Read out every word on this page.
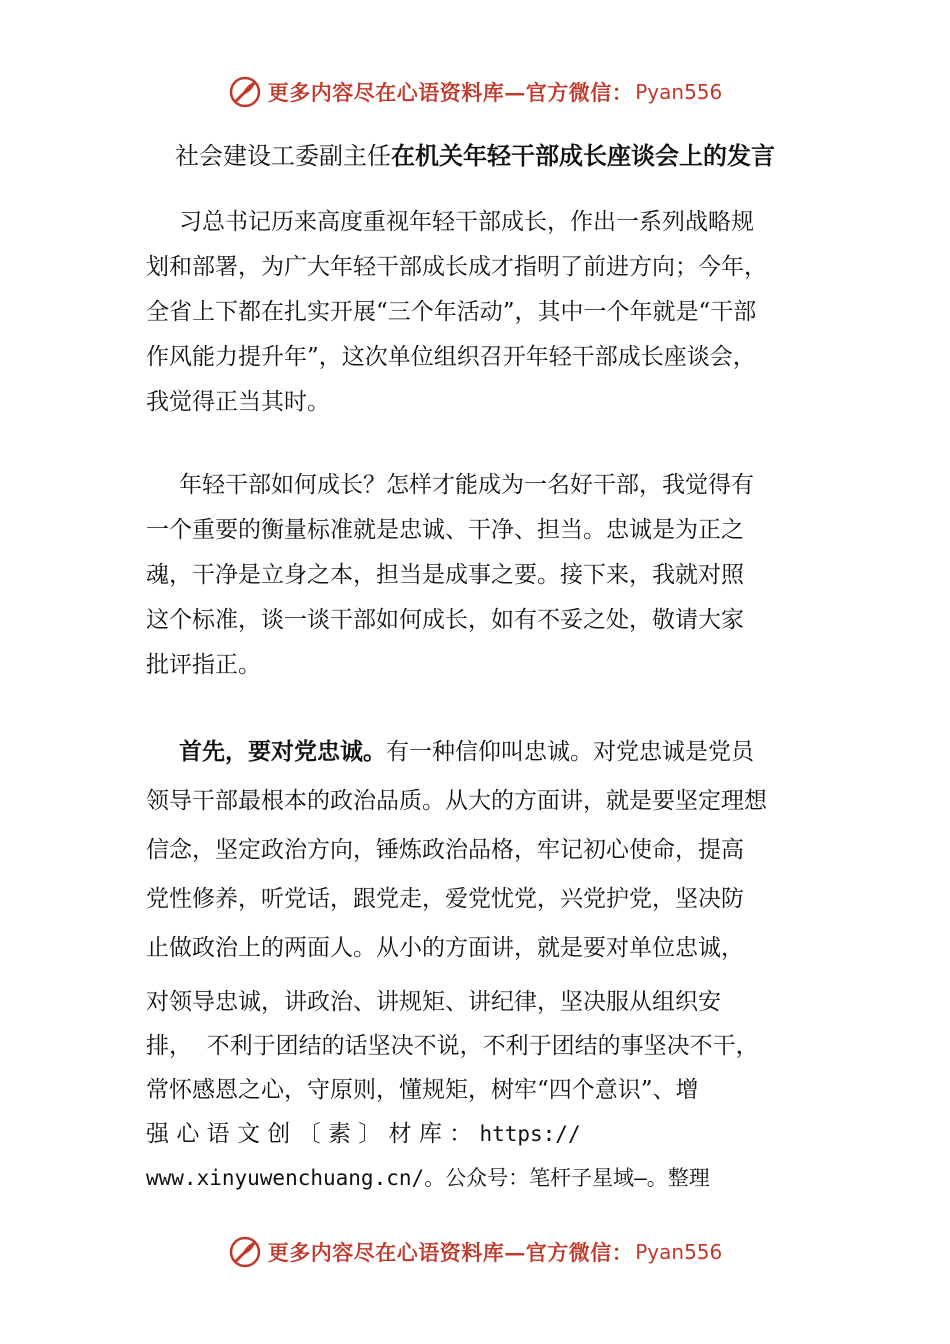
更多内容尽在心语资料库—官方微信： Pyan556
社会建设工委副主任在机关年轻干部成长座谈会上的发言
习总书记历来高度重视年轻干部成长，作出一系列战略规
划和部署，为广大年轻干部成长成才指明了前进方向；今年，
全省上下都在扎实开展“三个年活动”，其中一个年就是“干部
作风能力提升年”，这次单位组织召开年轻干部成长座谈会，
我觉得正当其时。
年轻干部如何成长？怎样才能成为一名好干部，我觉得有
一个重要的衡量标准就是忠诚、干净、担当。忠诚是为正之
魂，干净是立身之本，担当是成事之要。接下来，我就对照
这个标准，谈一谈干部如何成长，如有不妥之处，敬请大家
批评指正。
首先，要对党忠诚。有一种信仰叫忠诚。对党忠诚是党员
领导干部最根本的政治品质。从大的方面讲，就是要坚定理想
信念，坚定政治方向，锤炼政治品格，牢记初心使命，提高
党性修养，听党话，跟党走，爱党忧党，兴党护党，坚决防
止做政治上的两面人。从小的方面讲，就是要对单位忠诚，
对领导忠诚，讲政治、讲规矩、讲纪律，坚决服从组织安
排，  不利于团结的话坚决不说，不利于团结的事坚决不干，
常怀感恩之心，守原则，懂规矩，树牢“四个意识”、增
强 心 语 文 创 〔 素 〕 材 库 ： https://
www.xinyuwenchuang.cn/。公众号：笔杆子星域—。整理
更多内容尽在心语资料库—官方微信： Pyan556
